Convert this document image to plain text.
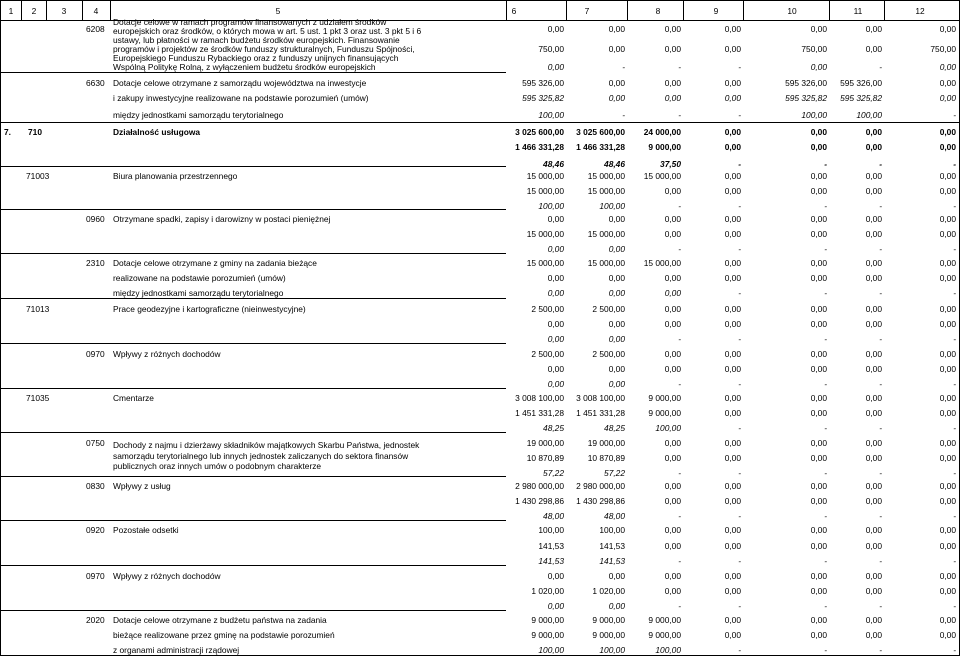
1	2	3	4	5	6	7	8	9	10	11	12
6208
Dotacje celowe w ramach programów finansowanych z udziałem środków europejskich oraz środków, o których mowa w art. 5 ust. 1 pkt 3 oraz ust. 3 pkt 5 i 6 ustawy, lub płatności w ramach budżetu środków europejskich. Finansowanie programów i projektów ze środków funduszy strukturalnych, Funduszu Spójności, Europejskiego Funduszu Rybackiego oraz z funduszy unijnych finansujących Wspólną Politykę Rolną, z wyłączeniem budżetu środków europejskich
0,00	0,00	0,00	0,00	0,00	0,00	0,00
750,00	0,00	0,00	0,00	750,00	0,00	750,00
0,00	-	-	-	0,00	-	0,00
6630 Dotacje celowe otrzymane z samorządu województwa na inwestycje	595 326,00	0,00	0,00	0,00	595 326,00	595 326,00	0,00
i zakupy inwestycyjne realizowane na podstawie porozumień (umów)	595 325,82	0,00	0,00	0,00	595 325,82	595 325,82	0,00
między jednostkami samorządu terytorialnego	100,00	-	-	-	100,00	100,00	-
7. 710	Działalność usługowa	3 025 600,00	3 025 600,00	24 000,00	0,00	0,00	0,00	0,00
1 466 331,28	1 466 331,28	9 000,00	0,00	0,00	0,00	0,00
48,46	48,46	37,50	-	-	-	-
71003	Biura planowania przestrzennego	15 000,00	15 000,00	15 000,00	0,00	0,00	0,00	0,00
15 000,00	15 000,00	0,00	0,00	0,00	0,00	0,00
100,00	100,00	-	-	-	-	-
0960 Otrzymane spadki, zapisy i darowizny w postaci pieniężnej	0,00	0,00	0,00	0,00	0,00	0,00	0,00
15 000,00	15 000,00	0,00	0,00	0,00	0,00	0,00
0,00	0,00	-	-	-	-	-
2310 Dotacje celowe otrzymane z gminy na zadania bieżące	15 000,00	15 000,00	15 000,00	0,00	0,00	0,00	0,00
realizowane na podstawie porozumień (umów)	0,00	0,00	0,00	0,00	0,00	0,00	0,00
między jednostkami samorządu terytorialnego	0,00	0,00	0,00	-	-	-	-
71013	Prace geodezyjne i kartograficzne (nieinwestycyjne)	2 500,00	2 500,00	0,00	0,00	0,00	0,00	0,00
0,00	0,00	0,00	0,00	0,00	0,00	0,00
0,00	0,00	-	-	-	-	-
0970 Wpływy z różnych dochodów	2 500,00	2 500,00	0,00	0,00	0,00	0,00	0,00
0,00	0,00	0,00	0,00	0,00	0,00	0,00
0,00	0,00	-	-	-	-	-
71035	Cmentarze	3 008 100,00	3 008 100,00	9 000,00	0,00	0,00	0,00	0,00
1 451 331,28	1 451 331,28	9 000,00	0,00	0,00	0,00	0,00
48,25	48,25	100,00	-	-	-	-
0750 Dochody z najmu i dzierżawy składników majątkowych Skarbu Państwa, jednostek samorządu terytorialnego lub innych jednostek zaliczanych do sektora finansów publicznych oraz innych umów o podobnym charakterze
19 000,00	19 000,00	0,00	0,00	0,00	0,00	0,00
10 870,89	10 870,89	0,00	0,00	0,00	0,00	0,00
57,22	57,22	-	-	-	-	-
0830 Wpływy z usług	2 980 000,00	2 980 000,00	0,00	0,00	0,00	0,00	0,00
1 430 298,86	1 430 298,86	0,00	0,00	0,00	0,00	0,00
48,00	48,00	-	-	-	-	-
0920 Pozostałe odsetki	100,00	100,00	0,00	0,00	0,00	0,00	0,00
141,53	141,53	0,00	0,00	0,00	0,00	0,00
141,53	141,53	-	-	-	-	-
0970 Wpływy z różnych dochodów	0,00	0,00	0,00	0,00	0,00	0,00	0,00
1 020,00	1 020,00	0,00	0,00	0,00	0,00	0,00
0,00	0,00	-	-	-	-	-
2020 Dotacje celowe otrzymane z budżetu państwa na zadania	9 000,00	9 000,00	9 000,00	0,00	0,00	0,00	0,00
bieżące realizowane przez gminę na podstawie porozumień	9 000,00	9 000,00	9 000,00	0,00	0,00	0,00	0,00
z organami administracji rządowej	100,00	100,00	100,00	-	-	-	-
